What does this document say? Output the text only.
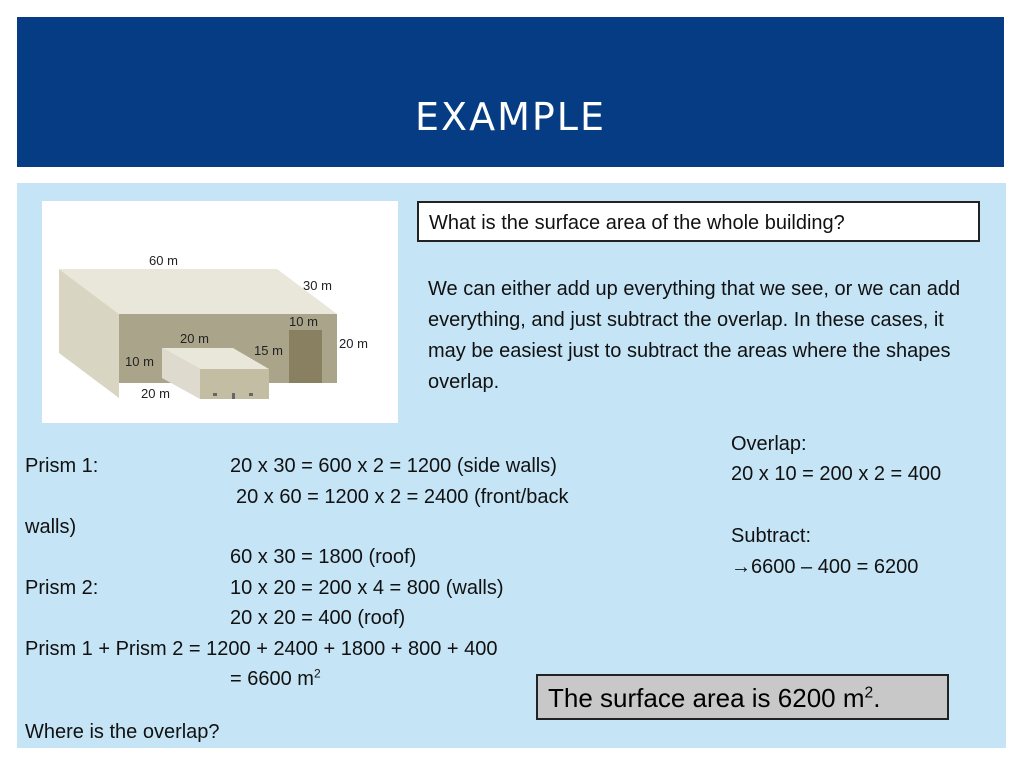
EXAMPLE
60 m
30 m
10 m
20 m
20 m
15 m
10 m
20 m
What is the surface area of the whole building?
We can either add up everything that we see, or we can add everything, and just subtract the overlap. In these cases, it may be easiest just to subtract the areas where the shapes overlap.
Prism 1:	20 x 30 = 600 x 2 = 1200 (side walls)
20 x 60 = 1200 x 2 = 2400 (front/back
walls)
60 x 30 = 1800 (roof)
Prism 2:	10 x 20 = 200 x 4 = 800 (walls)
20 x 20 = 400 (roof)
Prism 1 + Prism 2 = 1200 + 2400 + 1800 + 800 + 400
= 6600 $m^2$
Where is the overlap?
Overlap:
20 x 10 = 200 x 2 = 400
Subtract:
→6600 – 400 = 6200
The surface area is 6200 $m^2$.
